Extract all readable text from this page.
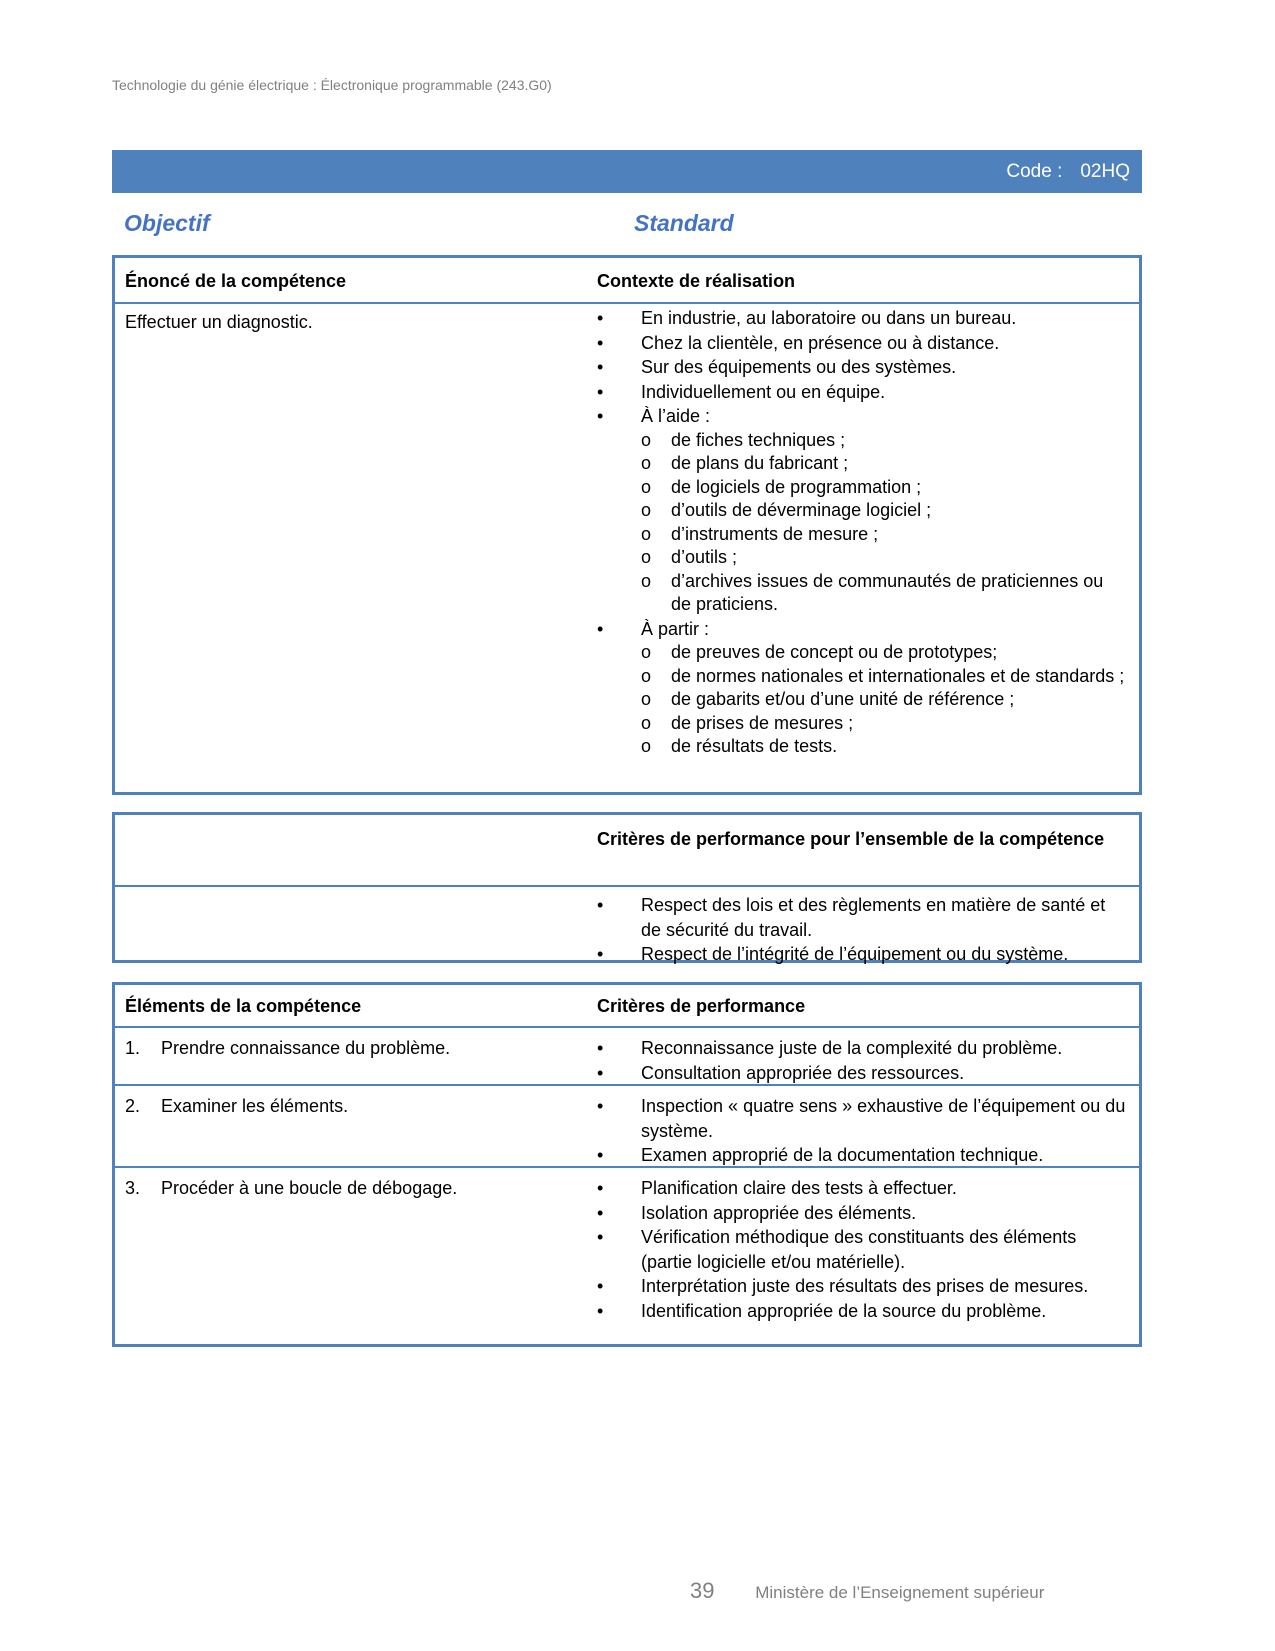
Technologie du génie électrique : Électronique programmable (243.G0)
Code : 02HQ
Objectif	Standard
Énoncé de la compétence	Contexte de réalisation
Effectuer un diagnostic.	• En industrie, au laboratoire ou dans un bureau.
• Chez la clientèle, en présence ou à distance.
• Sur des équipements ou des systèmes.
• Individuellement ou en équipe.
• À l’aide :
o de fiches techniques ;
o de plans du fabricant ;
o de logiciels de programmation ;
o d’outils de déverminage logiciel ;
o d’instruments de mesure ;
o d’outils ;
o d’archives issues de communautés de praticiennes ou de praticiens.
• À partir :
o de preuves de concept ou de prototypes;
o de normes nationales et internationales et de standards ;
o de gabarits et/ou d’une unité de référence ;
o de prises de mesures ;
o de résultats de tests.
Critères de performance pour l’ensemble de la compétence
• Respect des lois et des règlements en matière de santé et de sécurité du travail.
• Respect de l’intégrité de l’équipement ou du système.
Éléments de la compétence	Critères de performance
1. Prendre connaissance du problème.	• Reconnaissance juste de la complexité du problème.
• Consultation appropriée des ressources.
2. Examiner les éléments.	• Inspection « quatre sens » exhaustive de l’équipement ou du système.
• Examen approprié de la documentation technique.
3. Procéder à une boucle de débogage.	• Planification claire des tests à effectuer.
• Isolation appropriée des éléments.
• Vérification méthodique des constituants des éléments (partie logicielle et/ou matérielle).
• Interprétation juste des résultats des prises de mesures.
• Identification appropriée de la source du problème.
39 Ministère de l’Enseignement supérieur
